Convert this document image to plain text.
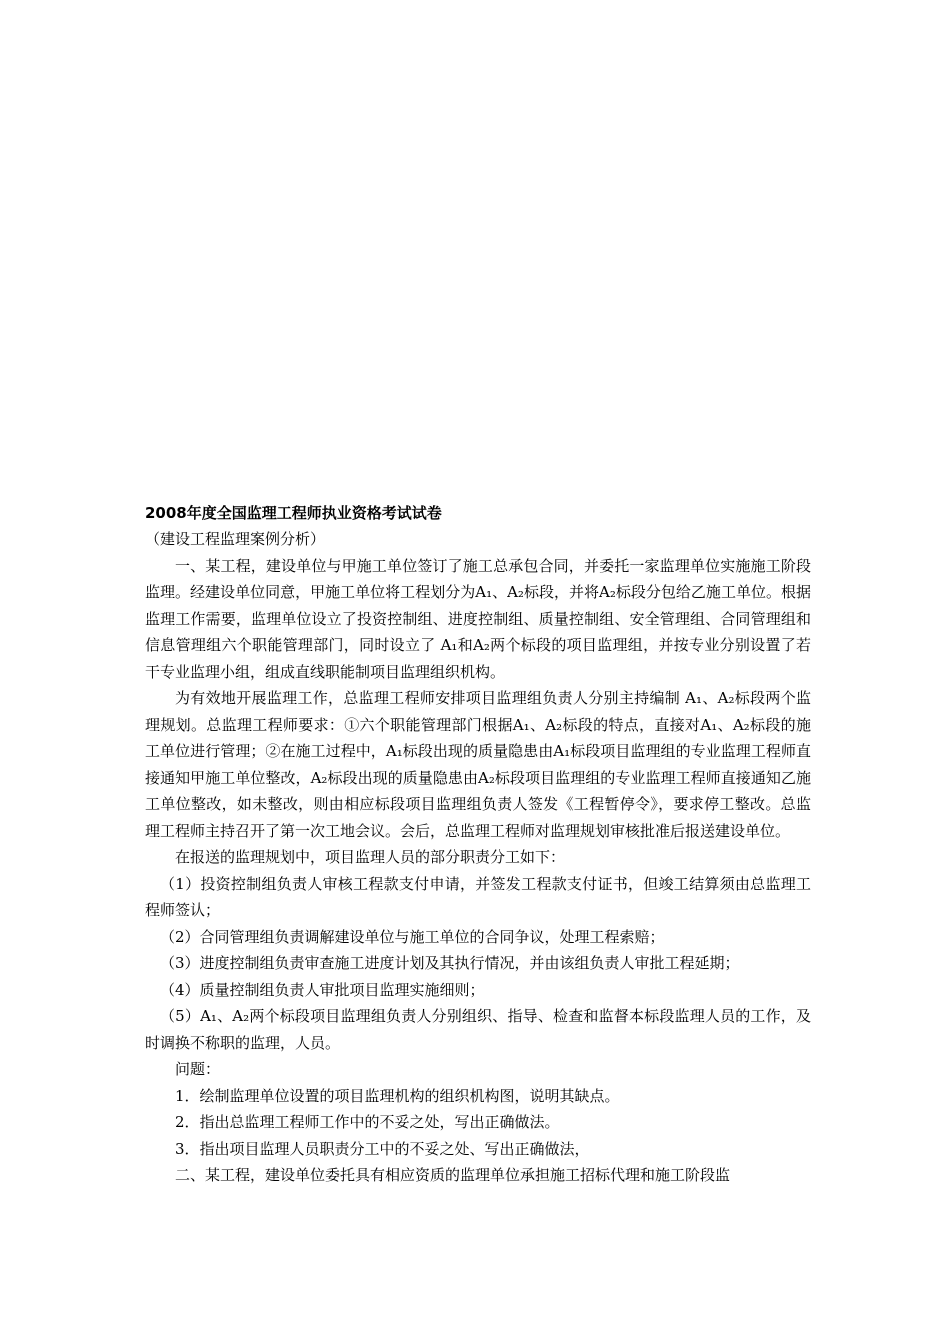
2008年度全国监理工程师执业资格考试试卷

（建设工程监理案例分析）

一、某工程，建设单位与甲施工单位签订了施工总承包合同，并委托一家监理单位实施施工阶段监理。经建设单位同意，甲施工单位将工程划分为A₁、A₂标段，并将A₂标段分包给乙施工单位。根据监理工作需要，监理单位设立了投资控制组、进度控制组、质量控制组、安全管理组、合同管理组和信息管理组六个职能管理部门，同时设立了 A₁和A₂两个标段的项目监理组，并按专业分别设置了若干专业监理小组，组成直线职能制项目监理组织机构。

为有效地开展监理工作，总监理工程师安排项目监理组负责人分别主持编制 A₁、A₂标段两个监理规划。总监理工程师要求：①六个职能管理部门根据A₁、A₂标段的特点，直接对A₁、A₂标段的施工单位进行管理；②在施工过程中，A₁标段出现的质量隐患由A₁标段项目监理组的专业监理工程师直接通知甲施工单位整改，A₂标段出现的质量隐患由A₂标段项目监理组的专业监理工程师直接通知乙施工单位整改，如未整改，则由相应标段项目监理组负责人签发《工程暂停令》，要求停工整改。总监理工程师主持召开了第一次工地会议。会后，总监理工程师对监理规划审核批准后报送建设单位。

在报送的监理规划中，项目监理人员的部分职责分工如下：

（1）投资控制组负责人审核工程款支付申请，并签发工程款支付证书，但竣工结算须由总监理工程师签认；

（2）合同管理组负责调解建设单位与施工单位的合同争议，处理工程索赔；

（3）进度控制组负责审查施工进度计划及其执行情况，并由该组负责人审批工程延期；

（4）质量控制组负责人审批项目监理实施细则；

（5）A₁、A₂两个标段项目监理组负责人分别组织、指导、检查和监督本标段监理人员的工作，及时调换不称职的监理，人员。

问题：

1．绘制监理单位设置的项目监理机构的组织机构图，说明其缺点。

2．指出总监理工程师工作中的不妥之处，写出正确做法。

3．指出项目监理人员职责分工中的不妥之处、写出正确做法，

二、某工程，建设单位委托具有相应资质的监理单位承担施工招标代理和施工阶段监
